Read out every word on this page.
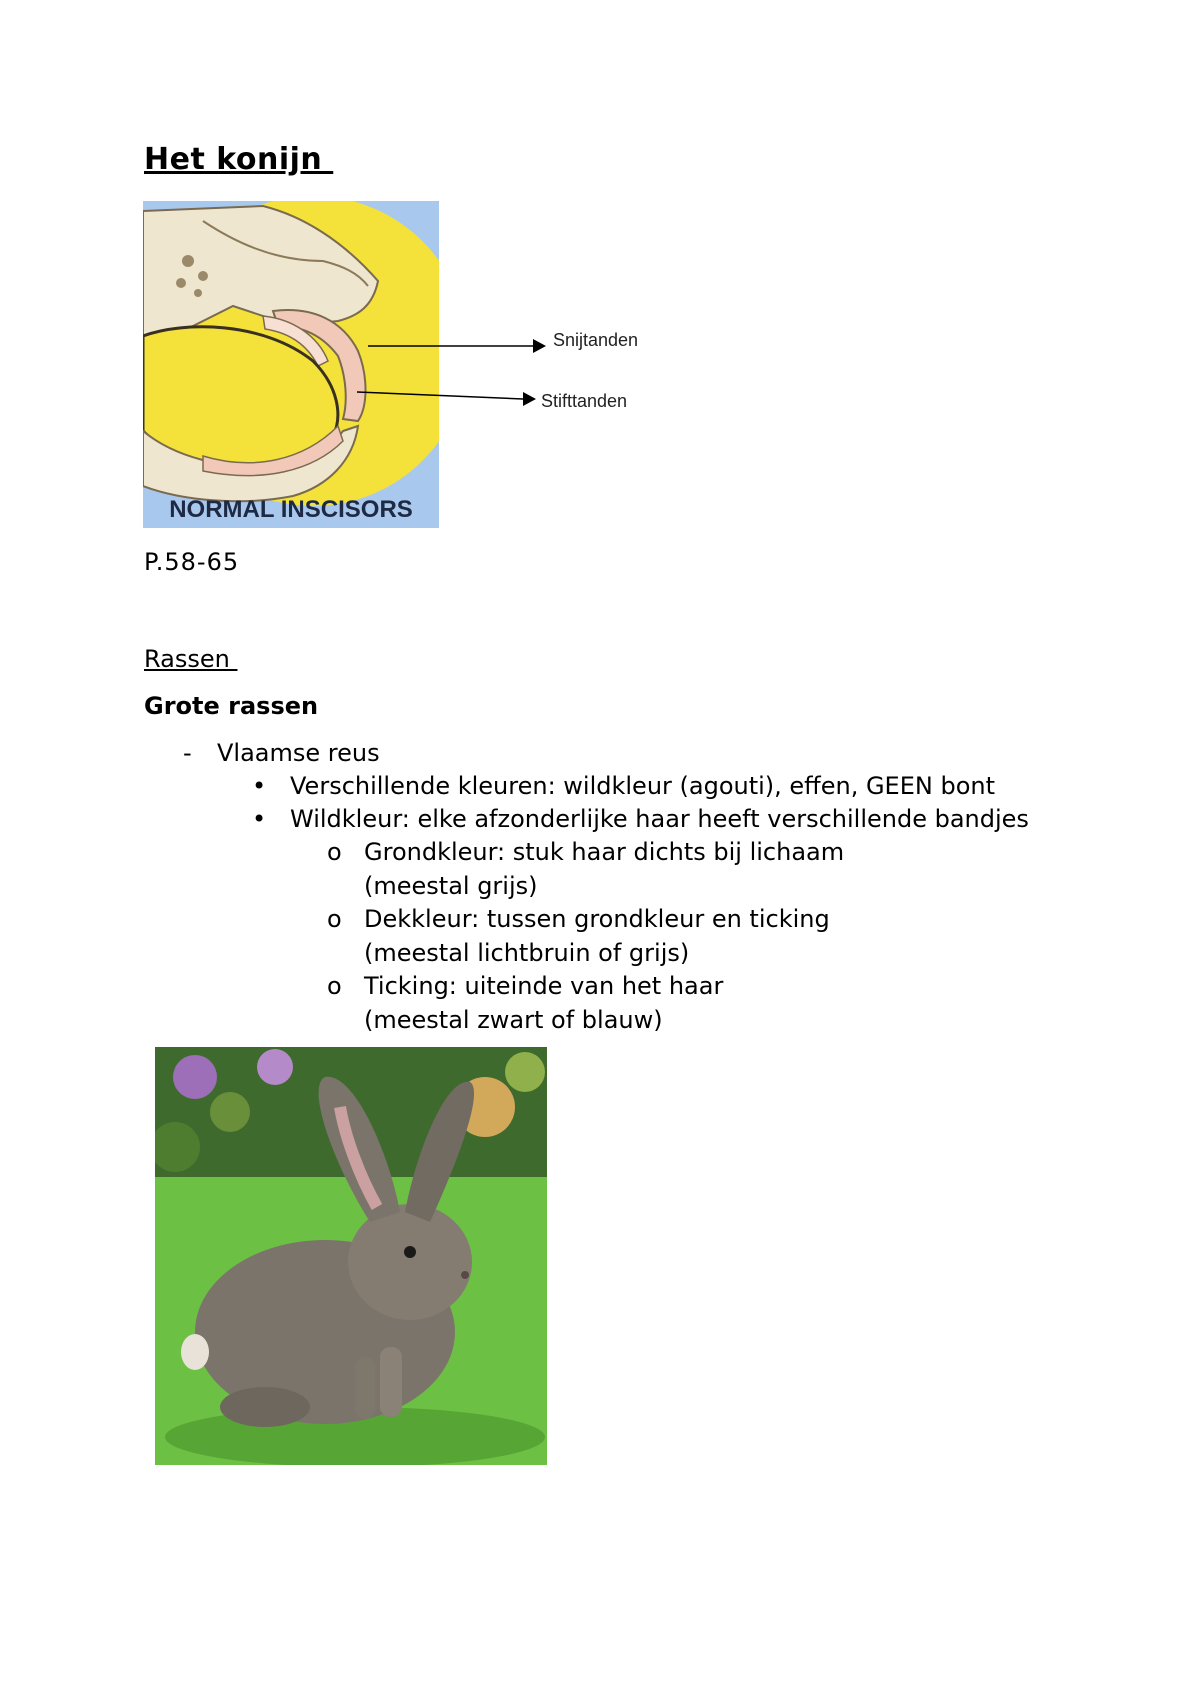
Het konijn
NORMAL INSCISORS
Snijtanden
Stifttanden
P.58-65
Rassen
Grote rassen
- Vlaamse reus
• Verschillende kleuren: wildkleur (agouti), effen, GEEN bont
• Wildkleur: elke afzonderlijke haar heeft verschillende bandjes
o Grondkleur: stuk haar dichts bij lichaam
(meestal grijs)
o Dekkleur: tussen grondkleur en ticking
(meestal lichtbruin of grijs)
o Ticking: uiteinde van het haar
(meestal zwart of blauw)
